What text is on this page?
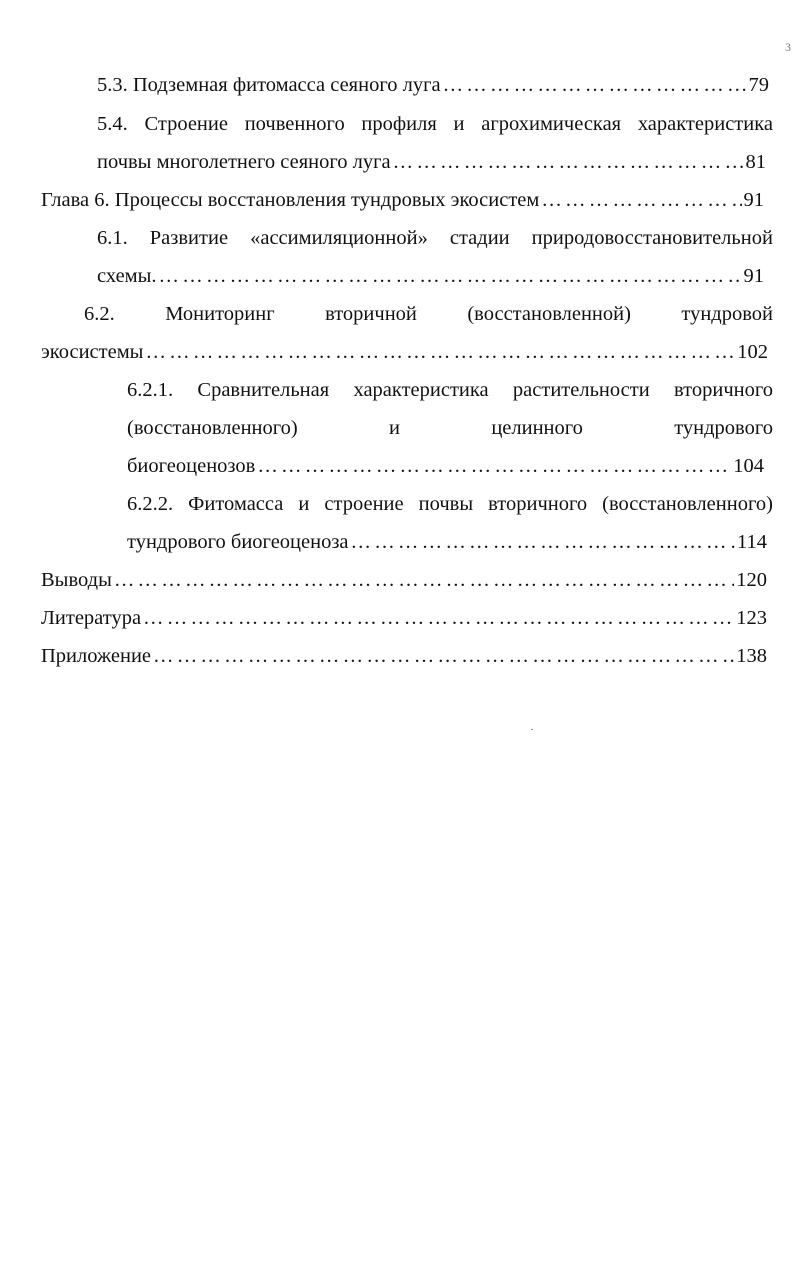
3
5.3. Подземная фитомасса сеяного луга …………………………………………………………………………………………………………………………………………………………………	79
5.4. Строение почвенного профиля и агрохимическая характеристика
почвы многолетнего сеяного луга …………………………………………………………………………………………………………………………………………………………………	81
Глава 6. Процессы восстановления тундровых экосистем …………………………………………………………………………………………………………………………………………………………………	91
6.1. Развитие «ассимиляционной» стадии природовосстановительной
схемы. …………………………………………………………………………………………………………………………………………………………………	91
6.2. Мониторинг вторичной (восстановленной) тундровой
экосистемы …………………………………………………………………………………………………………………………………………………………………	102
6.2.1. Сравнительная характеристика растительности вторичного
(восстановленного)	и	целинного	тундрового
биогеоценозов …………………………………………………………………………………………………………………………………………………………………	104
6.2.2. Фитомасса и строение почвы вторичного (восстановленного)
тундрового биогеоценоза …………………………………………………………………………………………………………………………………………………………………	114
Выводы …………………………………………………………………………………………………………………………………………………………………	120
Литература …………………………………………………………………………………………………………………………………………………………………	123
Приложение …………………………………………………………………………………………………………………………………………………………………	138
